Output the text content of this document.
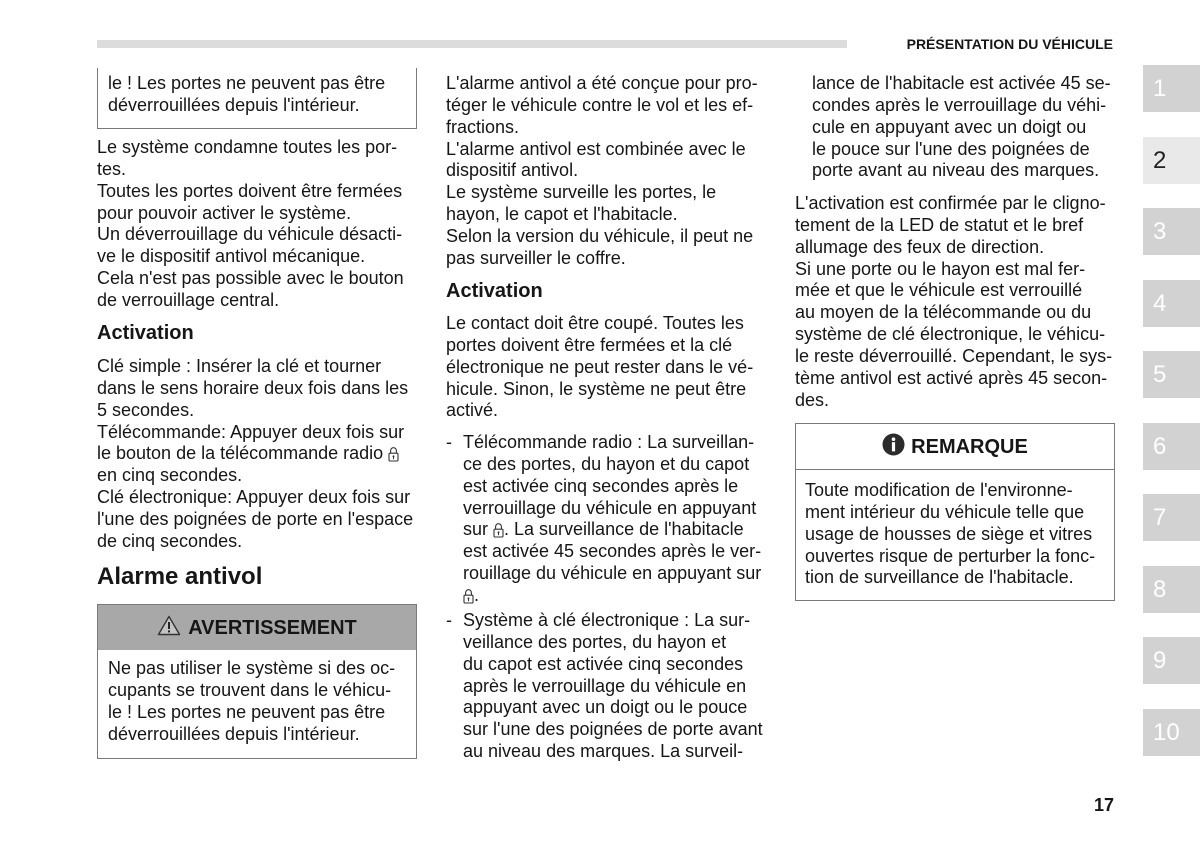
PRÉSENTATION DU VÉHICULE
1
2
3
4
5
6
7
8
9
10
le ! Les portes ne peuvent pas être
déverrouillées depuis l'intérieur.
Le système condamne toutes les por-
tes.
Toutes les portes doivent être fermées
pour pouvoir activer le système.
Un déverrouillage du véhicule désacti-
ve le dispositif antivol mécanique.
Cela n'est pas possible avec le bouton
de verrouillage central.
Activation
Clé simple : Insérer la clé et tourner
dans le sens horaire deux fois dans les
5 secondes.
Télécommande: Appuyer deux fois sur
le bouton de la télécommande radio
en cinq secondes.
Clé électronique: Appuyer deux fois sur
l'une des poignées de porte en l'espace
de cinq secondes.
Alarme antivol
AVERTISSEMENT
Ne pas utiliser le système si des oc-
cupants se trouvent dans le véhicu-
le ! Les portes ne peuvent pas être
déverrouillées depuis l'intérieur.
L'alarme antivol a été conçue pour pro-
téger le véhicule contre le vol et les ef-
fractions.
L'alarme antivol est combinée avec le
dispositif antivol.
Le système surveille les portes, le
hayon, le capot et l'habitacle.
Selon la version du véhicule, il peut ne
pas surveiller le coffre.
Activation
Le contact doit être coupé. Toutes les
portes doivent être fermées et la clé
électronique ne peut rester dans le vé-
hicule. Sinon, le système ne peut être
activé.
- Télécommande radio : La surveillan-
ce des portes, du hayon et du capot
est activée cinq secondes après le
verrouillage du véhicule en appuyant
sur
. La surveillance de l'habitacle
est activée 45 secondes après le ver-
rouillage du véhicule en appuyant sur
.
- Système à clé électronique : La sur-
veillance des portes, du hayon et
du capot est activée cinq secondes
après le verrouillage du véhicule en
appuyant avec un doigt ou le pouce
sur l'une des poignées de porte avant
au niveau des marques. La surveil-
lance de l'habitacle est activée 45 se-
condes après le verrouillage du véhi-
cule en appuyant avec un doigt ou
le pouce sur l'une des poignées de
porte avant au niveau des marques.
L'activation est confirmée par le cligno-
tement de la LED de statut et le bref
allumage des feux de direction.
Si une porte ou le hayon est mal fer-
mée et que le véhicule est verrouillé
au moyen de la télécommande ou du
système de clé électronique, le véhicu-
le reste déverrouillé. Cependant, le sys-
tème antivol est activé après 45 secon-
des.
REMARQUE
Toute modification de l'environne-
ment intérieur du véhicule telle que
usage de housses de siège et vitres
ouvertes risque de perturber la fonc-
tion de surveillance de l'habitacle.
17
